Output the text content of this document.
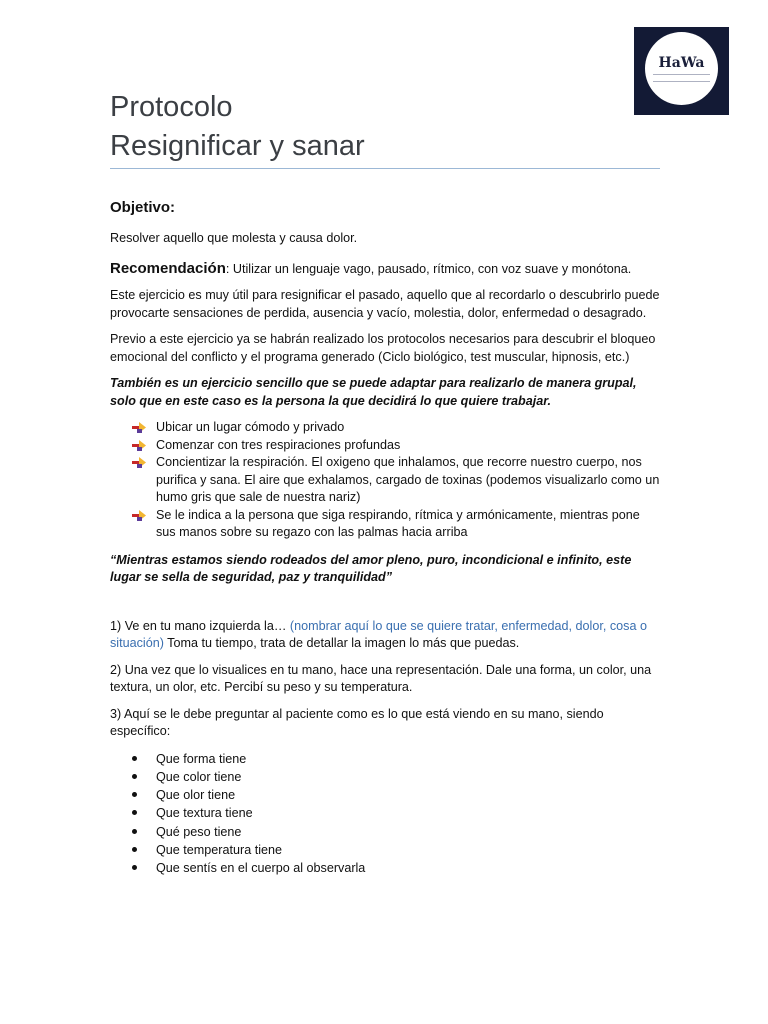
HaWa
Protocolo
Resignificar y sanar
Objetivo:

Resolver aquello que molesta y causa dolor.

Recomendación: Utilizar un lenguaje vago, pausado, rítmico, con voz suave y monótona.

Este ejercicio es muy útil para resignificar el pasado, aquello que al recordarlo o descubrirlo puede provocarte sensaciones de perdida, ausencia y vacío, molestia, dolor, enfermedad o desagrado.

Previo a este ejercicio ya se habrán realizado los protocolos necesarios para descubrir el bloqueo emocional del conflicto y el programa generado (Ciclo biológico, test muscular, hipnosis, etc.)

También es un ejercicio sencillo que se puede adaptar para realizarlo de manera grupal, solo que en este caso es la persona la que decidirá lo que quiere trabajar.

Ubicar un lugar cómodo y privado
Comenzar con tres respiraciones profundas
Concientizar la respiración. El oxigeno que inhalamos, que recorre nuestro cuerpo, nos purifica y sana. El aire que exhalamos, cargado de toxinas (podemos visualizarlo como un humo gris que sale de nuestra nariz)
Se le indica a la persona que siga respirando, rítmica y armónicamente, mientras pone sus manos sobre su regazo con las palmas hacia arriba

“Mientras estamos siendo rodeados del amor pleno, puro, incondicional e infinito, este lugar se sella de seguridad, paz y tranquilidad”

1) Ve en tu mano izquierda la… (nombrar aquí lo que se quiere tratar, enfermedad, dolor, cosa o situación) Toma tu tiempo, trata de detallar la imagen lo más que puedas.

2) Una vez que lo visualices en tu mano, hace una representación. Dale una forma, un color, una textura, un olor, etc. Percibí su peso y su temperatura.

3) Aquí se le debe preguntar al paciente como es lo que está viendo en su mano, siendo específico:

Que forma tiene
Que color tiene
Que olor tiene
Que textura tiene
Qué peso tiene
Que temperatura tiene
Que sentís en el cuerpo al observarla
